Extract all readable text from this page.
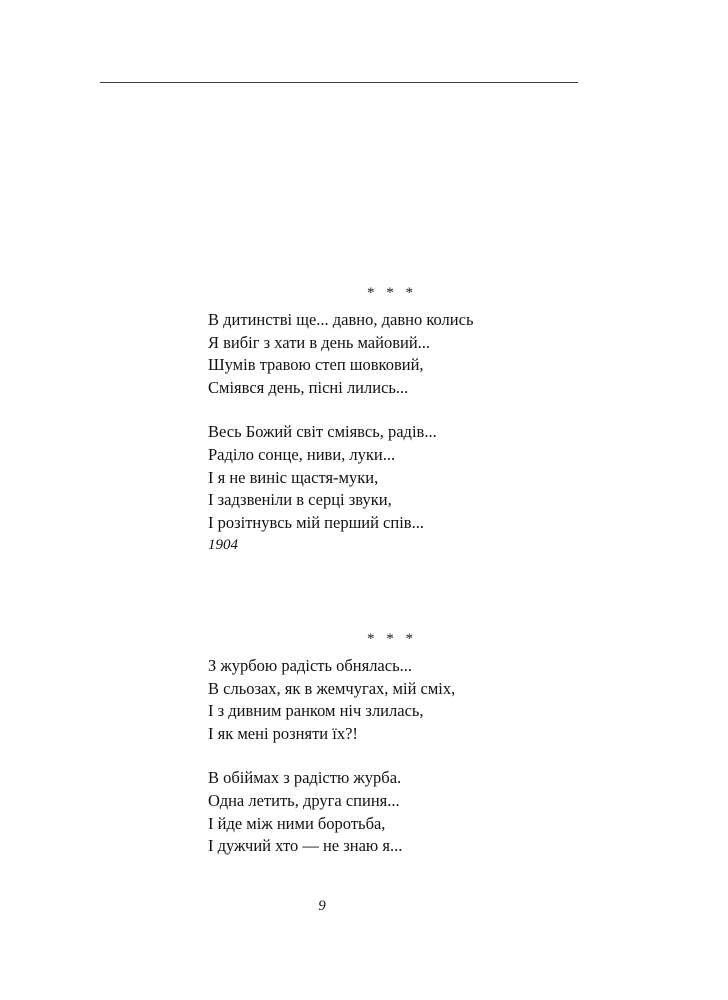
* * *
В дитинстві ще... давно, давно колись
Я вибіг з хати в день майовий...
Шумів травою степ шовковий,
Сміявся день, пісні лились...
Весь Божий світ сміявсь, радів...
Раділо сонце, ниви, луки...
І я не виніс щастя-муки,
І задзвеніли в серці звуки,
І розітнувсь мій перший спів...
1904
* * *
З журбою радість обнялась...
В сльозах, як в жемчугах, мій сміх,
І з дивним ранком ніч злилась,
І як мені розняти їх?!
В обіймах з радістю журба.
Одна летить, друга спиня...
І йде між ними боротьба,
І дужчий хто — не знаю я...
9
